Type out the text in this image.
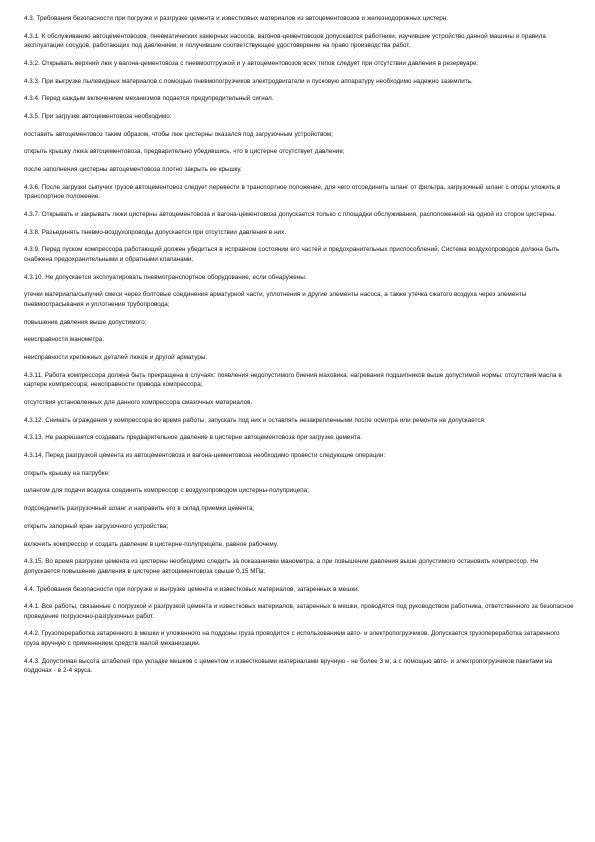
4.3. Требования безопасности при погрузке и разгрузке цемента и известковых материалов из автоцементовозов и железнодорожных цистерн.

4.3.1. К обслуживанию автоцементовозов, пневматических камерных насосов, вагонов-цементовозов допускаются работники, изучившие устройство данной машины и правила эксплуатации сосудов, работающих под давлением, и получившие соответствующее удостоверение на право производства работ.

4.3.2. Открывать верхний люк у вагона-цементовоза с пневмоотгрузкой и у автоцементовозов всех типов следует при отсутствии давления в резервуаре.

4.3.3. При выгрузке пылевидных материалов с помощью пневмопогрузчиков электродвигатели и пусковую аппаратуру необходимо надежно заземлить.

4.3.4. Перед каждым включением механизмов подается предупредительный сигнал.

4.3.5. При загрузке автоцементовоза необходимо:

поставить автоцементовоз таким образом, чтобы люк цистерны оказался под загрузочным устройством;

открыть крышку люка автоцементовоза, предварительно убедившись, что в цистерне отсутствует давление;

после заполнения цистерны автоцементовоза плотно закрыть ее крышку.

4.3.6. После загрузки сыпучих грузов автоцементовоз следует перевести в транспортное положение, для чего отсоединить шланг от фильтра, загрузочный шланг с опоры уложить в транспортное положение.

4.3.7. Открывать и закрывать люки цистерны автоцементовоза и вагона-цементовоза допускается только с площадки обслуживания, расположенной на одной из сторон цистерны.

4.3.8. Разъединять пневмо-воздухопроводы допускается при отсутствии давления в них.

4.3.9. Перед пуском компрессора работающий должен убедиться в исправном состоянии его частей и предохранительных приспособлений. Система воздухопроводов должна быть снабжена предохранительными и обратными клапанами.

4.3.10. Не допускается эксплуатировать пневмотранспортное оборудование, если обнаружены:

утечки материала/сыпучий смеси через болтовые соединения арматурной части, уплотнения и другие элементы насоса, а также утечка сжатого воздуха через элементы пневмоотрасывания и уплотнения трубопровода;

повышение давления выше допустимого;

неисправности манометра;

неисправности крепежных деталей люков и другой арматуры.

4.3.11. Работа компрессора должна быть прекращена в случаях: появления недопустимого биения маховика; нагревания подшипников выше допустимой нормы; отсутствия масла в картере компрессора; неисправности привода компрессора;

отсутствия установленных для данного компрессора смазочных материалов.

4.3.12. Снимать ограждения у компрессора во время работы, запускать под них и оставлять незакрепленными после осмотра или ремонта не допускается.

4.3.13. Не разрешается создавать предварительное давление в цистерне автоцементовоза при загрузке цемента.

4.3.14. Перед разгрузкой цемента из автоцементовоза и вагона-цементовоза необходимо провести следующие операции:

открыть крышку на патрубке;

шлангом для подачи воздуха соединить компрессор с воздухопроводом цистерны-полуприцепа;

подсоединить разгрузочный шланг и направить его в склад приемки цемента;

открыть запорный кран загрузочного устройства;

включить компрессор и создать давление в цистерне-полуприцепе, равное рабочему.

4.3.15. Во время разгрузки цемента из цистерны необходимо следить за показаниями манометра, а при повышении давления выше допустимого остановить компрессор. Не допускается повышение давления в цистерне автоцементовоза свыше 0,15 МПа.

4.4. Требования безопасности при погрузке и выгрузке цемента и известковых материалов, затаренных в мешки.

4.4.1. Все работы, связанные с погрузкой и разгрузкой цемента и известковых материалов, затаренных в мешки, проводятся под руководством работника, ответственного за безопасное проведение погрузочно-разгрузочных работ.

4.4.2. Грузопереработка затаренного в мешки и уложенного на поддоны груза проводится с использованием авто- и электропогрузчиков. Допускается грузопереработка затаренного груза вручную с применением средств малой механизации.

4.4.3. Допустимая высота штабелей при укладке мешков с цементом и известковыми материалами вручную - не более 3 м, а с помощью авто- и электропогрузчиков пакетами на поддонах - в 2-4 яруса.
